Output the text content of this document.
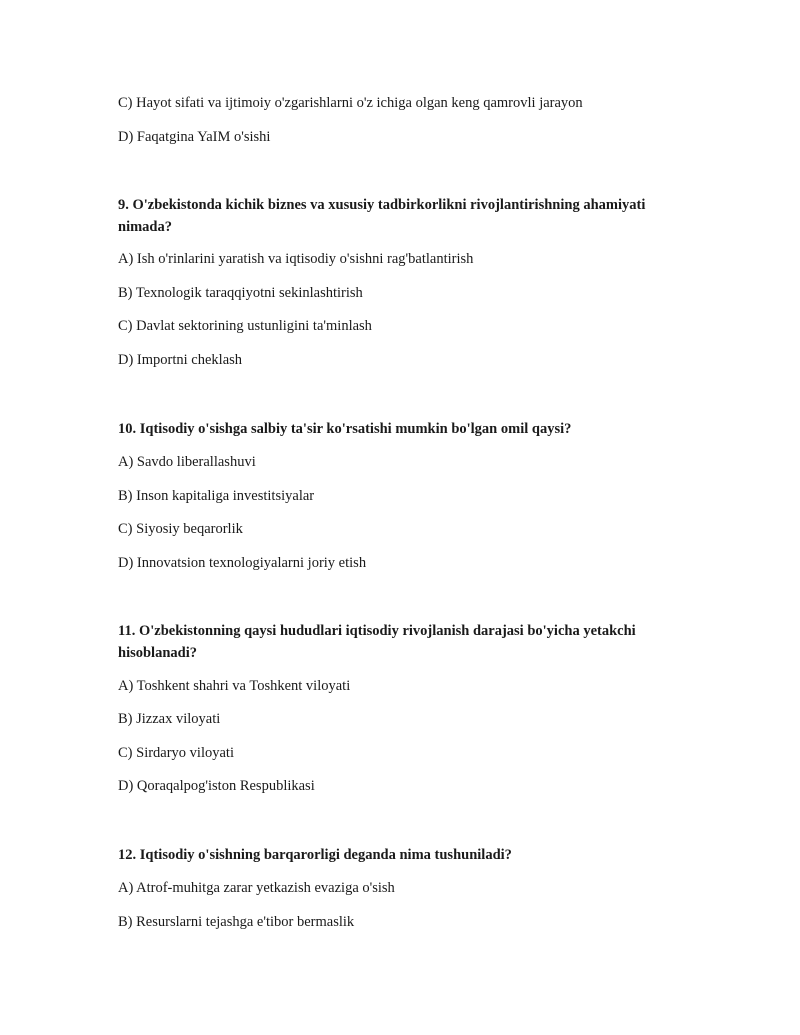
C) Hayot sifati va ijtimoiy o'zgarishlarni o'z ichiga olgan keng qamrovli jarayon
D) Faqatgina YaIM o'sishi
9. O'zbekistonda kichik biznes va xususiy tadbirkorlikni rivojlantirishning ahamiyati nimada?
A) Ish o'rinlarini yaratish va iqtisodiy o'sishni rag'batlantirish
B) Texnologik taraqqiyotni sekinlashtirish
C) Davlat sektorining ustunligini ta'minlash
D) Importni cheklash
10. Iqtisodiy o'sishga salbiy ta'sir ko'rsatishi mumkin bo'lgan omil qaysi?
A) Savdo liberallashuvi
B) Inson kapitaliga investitsiyalar
C) Siyosiy beqarorlik
D) Innovatsion texnologiyalarni joriy etish
11. O'zbekistonning qaysi hududlari iqtisodiy rivojlanish darajasi bo'yicha yetakchi hisoblanadi?
A) Toshkent shahri va Toshkent viloyati
B) Jizzax viloyati
C) Sirdaryo viloyati
D) Qoraqalpog'iston Respublikasi
12. Iqtisodiy o'sishning barqarorligi deganda nima tushuniladi?
A) Atrof-muhitga zarar yetkazish evaziga o'sish
B) Resurslarni tejashga e'tibor bermaslik
